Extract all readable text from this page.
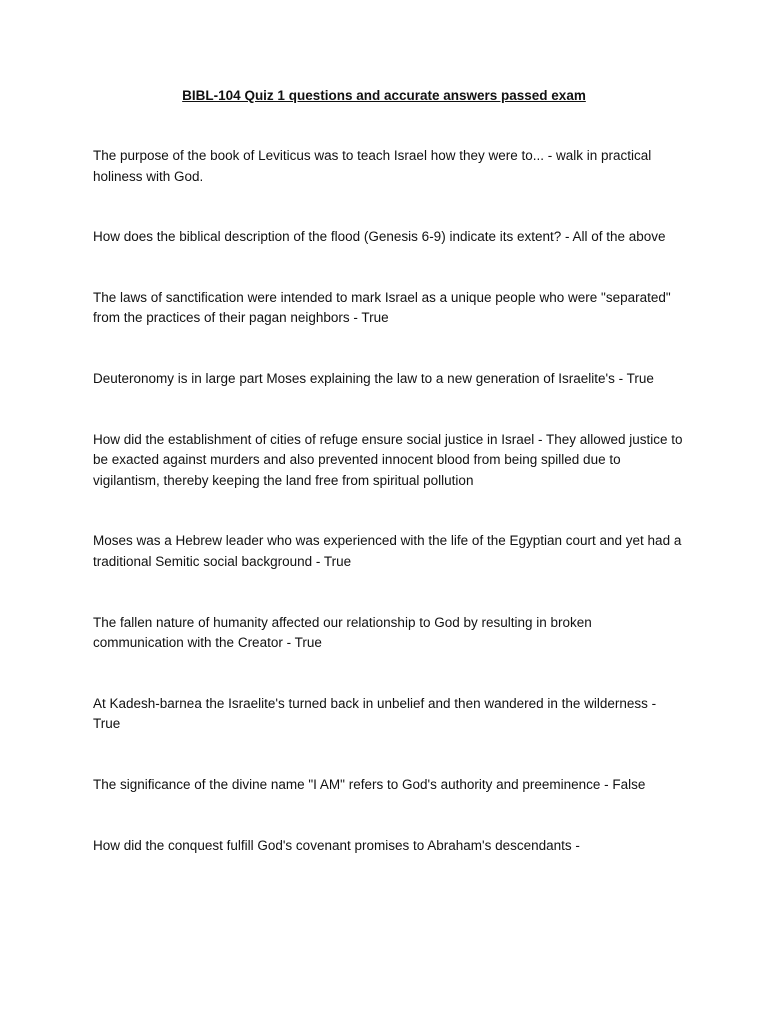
BIBL-104 Quiz 1 questions and accurate answers passed exam
The purpose of the book of Leviticus was to teach Israel how they were to... - walk in practical holiness with God.
How does the biblical description of the flood (Genesis 6-9) indicate its extent? - All of the above
The laws of sanctification were intended to mark Israel as a unique people who were "separated" from the practices of their pagan neighbors - True
Deuteronomy is in large part Moses explaining the law to a new generation of Israelite's - True
How did the establishment of cities of refuge ensure social justice in Israel - They allowed justice to be exacted against murders and also prevented innocent blood from being spilled due to vigilantism, thereby keeping the land free from spiritual pollution
Moses was a Hebrew leader who was experienced with the life of the Egyptian court and yet had a traditional Semitic social background - True
The fallen nature of humanity affected our relationship to God by resulting in broken communication with the Creator - True
At Kadesh-barnea the Israelite's turned back in unbelief and then wandered in the wilderness - True
The significance of the divine name "I AM" refers to God's authority and preeminence - False
How did the conquest fulfill God's covenant promises to Abraham's descendants -
